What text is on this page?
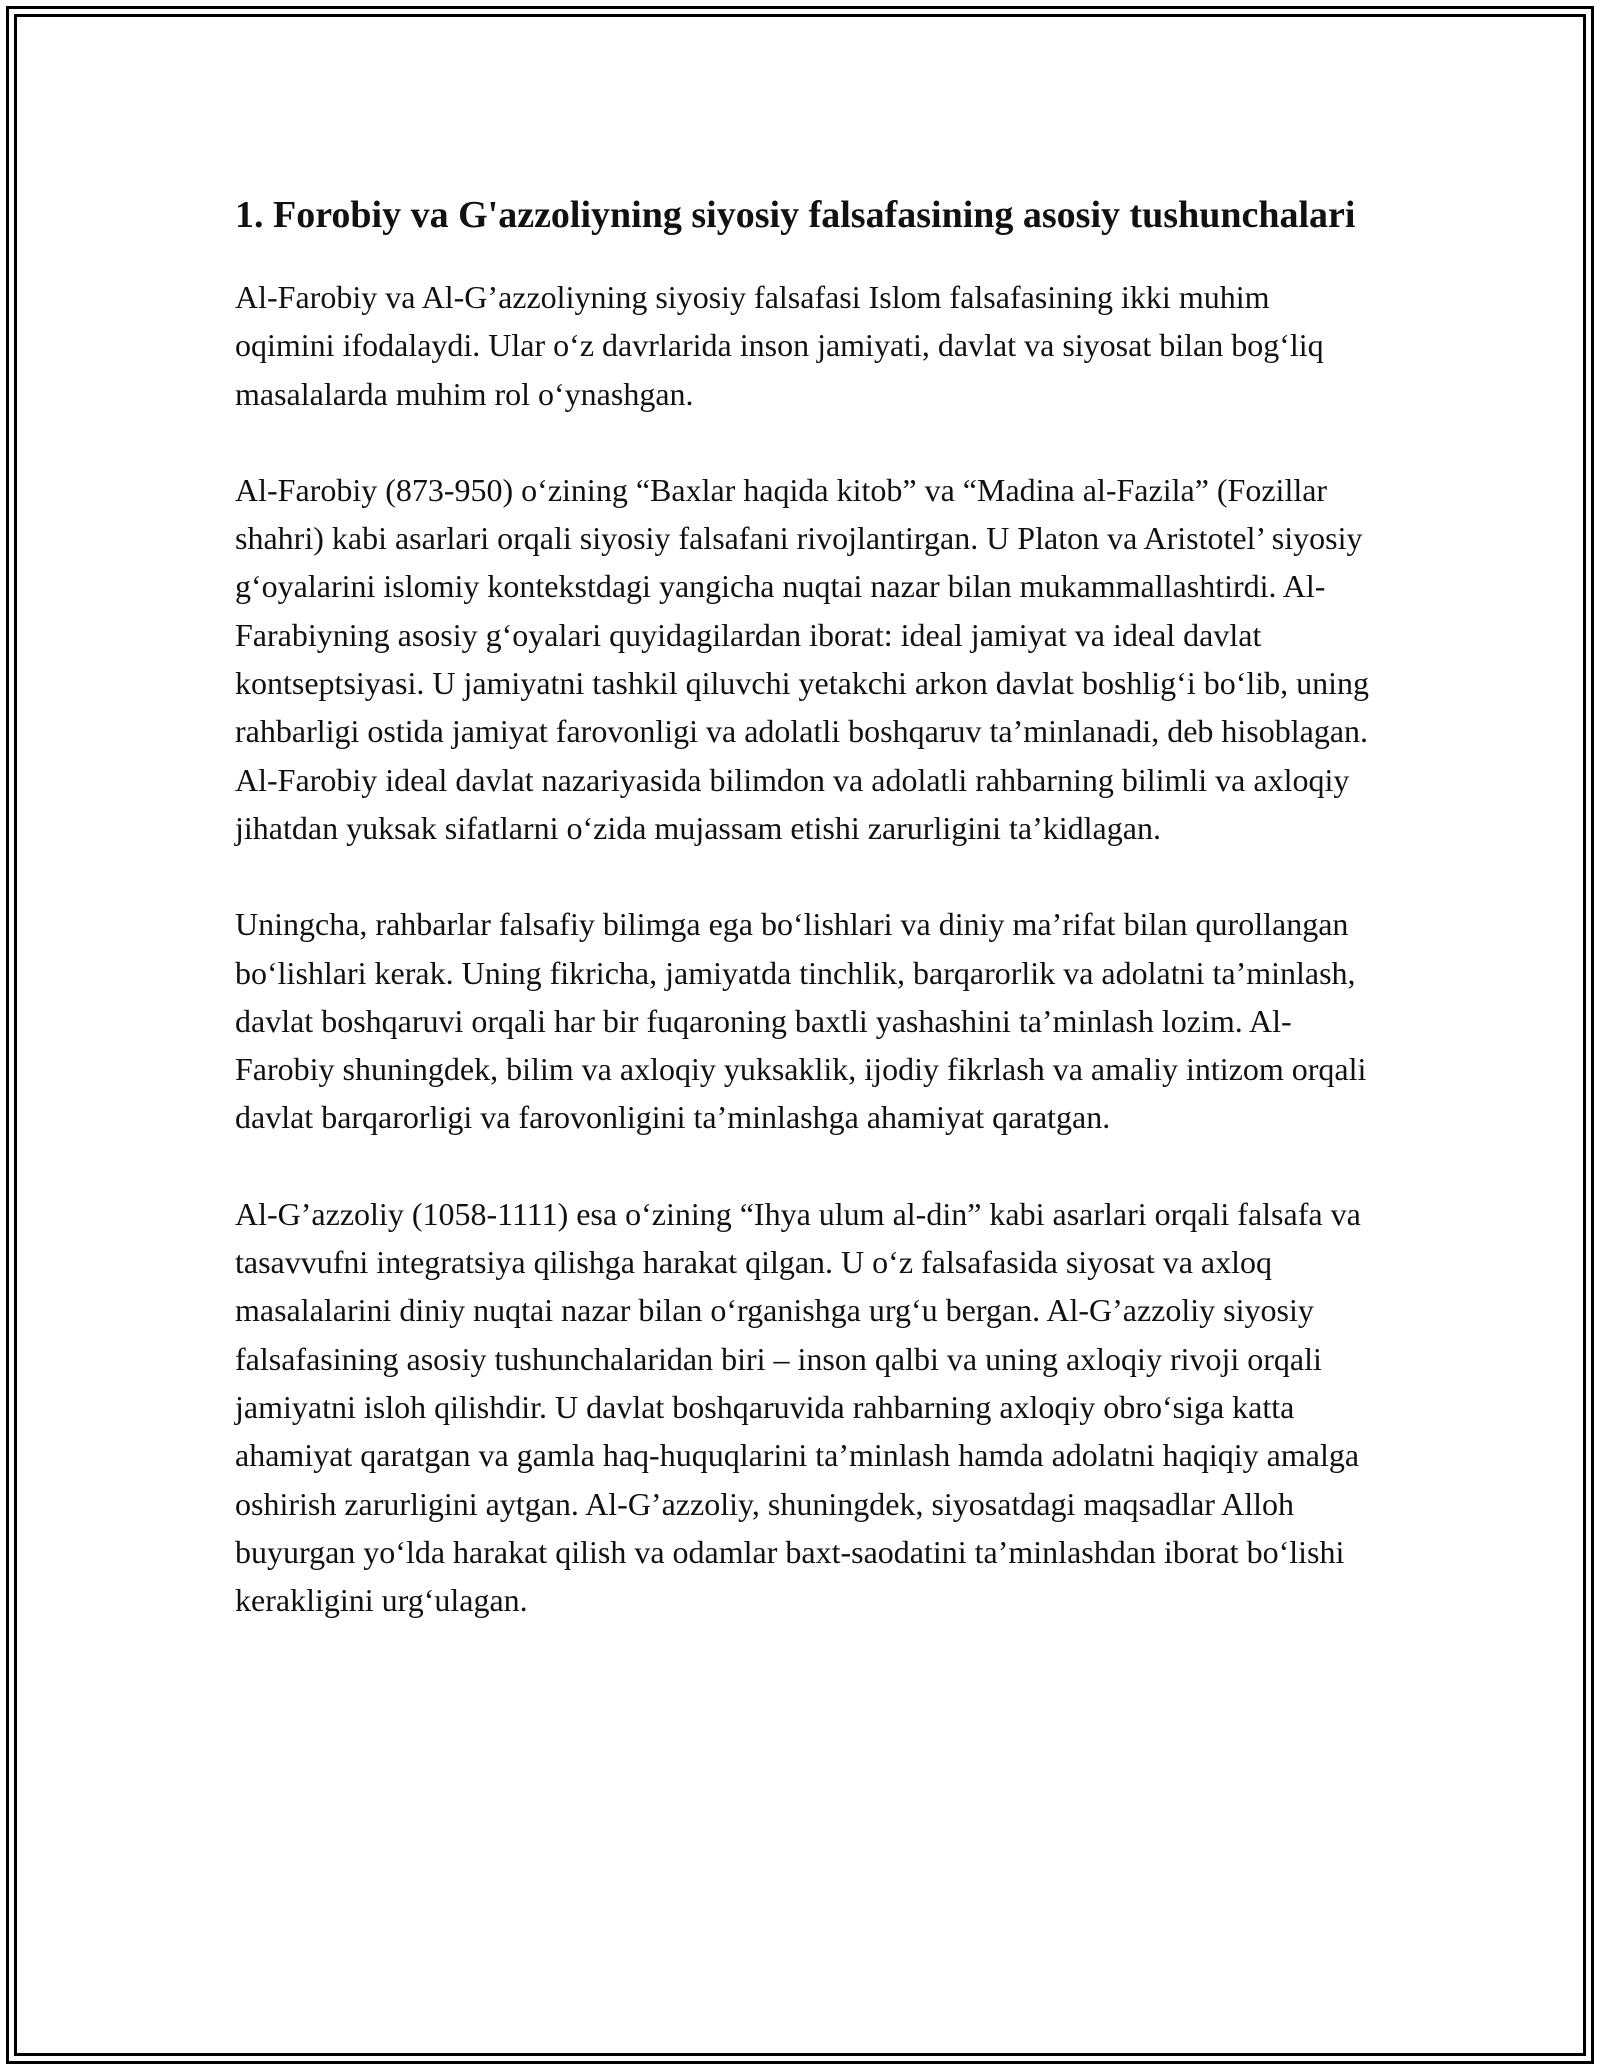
1. Forobiy va G'azzoliyning siyosiy falsafasining asosiy tushunchalari

Al-Farobiy va Al-G’azzoliyning siyosiy falsafasi Islom falsafasining ikki muhim oqimini ifodalaydi. Ular o‘z davrlarida inson jamiyati, davlat va siyosat bilan bog‘liq masalalarda muhim rol o‘ynashgan.

Al-Farobiy (873-950) o‘zining “Baxlar haqida kitob” va “Madina al-Fazila” (Fozillar shahri) kabi asarlari orqali siyosiy falsafani rivojlantirgan. U Platon va Aristotel’ siyosiy g‘oyalarini islomiy kontekstdagi yangicha nuqtai nazar bilan mukammallashtirdi. Al-Farabiyning asosiy g‘oyalari quyidagilardan iborat: ideal jamiyat va ideal davlat kontseptsiyasi. U jamiyatni tashkil qiluvchi yetakchi arkon davlat boshlig‘i bo‘lib, uning rahbarligi ostida jamiyat farovonligi va adolatli boshqaruv ta’minlanadi, deb hisoblagan. Al-Farobiy ideal davlat nazariyasida bilimdon va adolatli rahbarning bilimli va axloqiy jihatdan yuksak sifatlarni o‘zida mujassam etishi zarurligini ta’kidlagan.

Uningcha, rahbarlar falsafiy bilimga ega bo‘lishlari va diniy ma’rifat bilan qurollangan bo‘lishlari kerak. Uning fikricha, jamiyatda tinchlik, barqarorlik va adolatni ta’minlash, davlat boshqaruvi orqali har bir fuqaroning baxtli yashashini ta’minlash lozim. Al-Farobiy shuningdek, bilim va axloqiy yuksaklik, ijodiy fikrlash va amaliy intizom orqali davlat barqarorligi va farovonligini ta’minlashga ahamiyat qaratgan.

Al-G’azzoliy (1058-1111) esa o‘zining “Ihya ulum al-din” kabi asarlari orqali falsafa va tasavvufni integratsiya qilishga harakat qilgan. U o‘z falsafasida siyosat va axloq masalalarini diniy nuqtai nazar bilan o‘rganishga urg‘u bergan. Al-G’azzoliy siyosiy falsafasining asosiy tushunchalaridan biri – inson qalbi va uning axloqiy rivoji orqali jamiyatni isloh qilishdir. U davlat boshqaruvida rahbarning axloqiy obro‘siga katta ahamiyat qaratgan va gamla haq-huquqlarini ta’minlash hamda adolatni haqiqiy amalga oshirish zarurligini aytgan. Al-G’azzoliy, shuningdek, siyosatdagi maqsadlar Alloh buyurgan yo‘lda harakat qilish va odamlar baxt-saodatini ta’minlashdan iborat bo‘lishi kerakligini urg‘ulagan.
